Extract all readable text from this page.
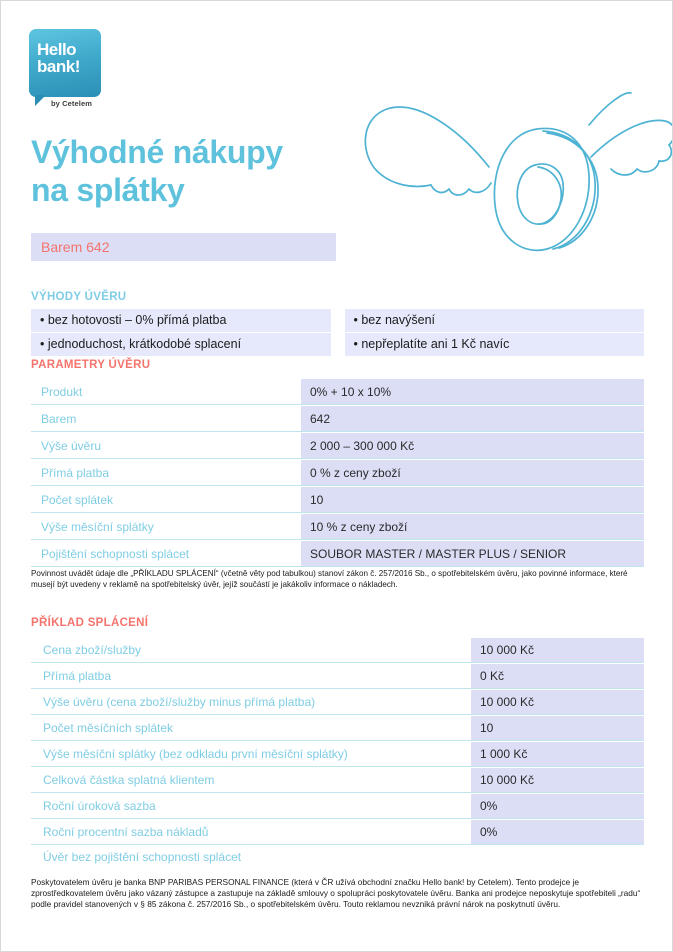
Hello
bank!
by Cetelem
Výhodné nákupy
na splátky
Barem 642
VÝHODY ÚVĚRU
• bez hotovosti – 0% přímá platba
• jednoduchost, krátkodobé splacení
• bez navýšení
• nepřeplatíte ani 1 Kč navíc
PARAMETRY ÚVĚRU
Produkt	0% + 10 x 10%
Barem	642
Výše úvěru	2 000 – 300 000 Kč
Přímá platba	0 % z ceny zboží
Počet splátek	10
Výše měsíční splátky	10 % z ceny zboží
Pojištění schopnosti splácet	SOUBOR MASTER / MASTER PLUS / SENIOR
Povinnost uvádět údaje dle „PŘÍKLADU SPLÁCENÍ“ (včetně věty pod tabulkou) stanoví zákon č. 257/2016 Sb., o spotřebitelském úvěru, jako povinné informace, které musejí být uvedeny v reklamě na spotřebitelský úvěr, jejíž součástí je jakákoliv informace o nákladech.
PŘÍKLAD SPLÁCENÍ
Cena zboží/služby	10 000 Kč
Přímá platba	0 Kč
Výše úvěru (cena zboží/služby minus přímá platba)	10 000 Kč
Počet měsíčních splátek	10
Výše měsíční splátky (bez odkladu první měsíční splátky)	1 000 Kč
Celková částka splatná klientem	10 000 Kč
Roční úroková sazba	0%
Roční procentní sazba nákladů	0%
Úvěr bez pojištění schopnosti splácet
Poskytovatelem úvěru je banka BNP PARIBAS PERSONAL FINANCE (která v ČR užívá obchodní značku Hello bank! by Cetelem). Tento prodejce je zprostředkovatelem úvěru jako vázaný zástupce a zastupuje na základě smlouvy o spolupráci poskytovatele úvěru. Banka ani prodejce neposkytuje spotřebiteli „radu“ podle pravidel stanovených v § 85 zákona č. 257/2016 Sb., o spotřebitelském úvěru. Touto reklamou nevzniká právní nárok na poskytnutí úvěru.
